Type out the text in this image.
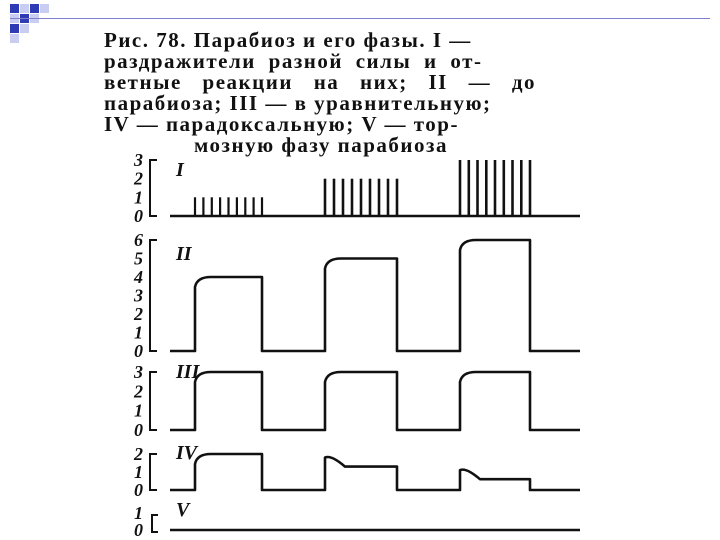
Рис. 78. Парабиоз и его фазы. I —
раздражители разной силы и от-
ветные реакции на них; II — до
парабиоза; III — в уравнительную;
IV — парадоксальную; V — тор-
мозную фазу парабиоза
3
2
1
0
I
6
5
4
3
2
1
0
II
3
2
1
0
III
2
1
0
IV
1
0
V
